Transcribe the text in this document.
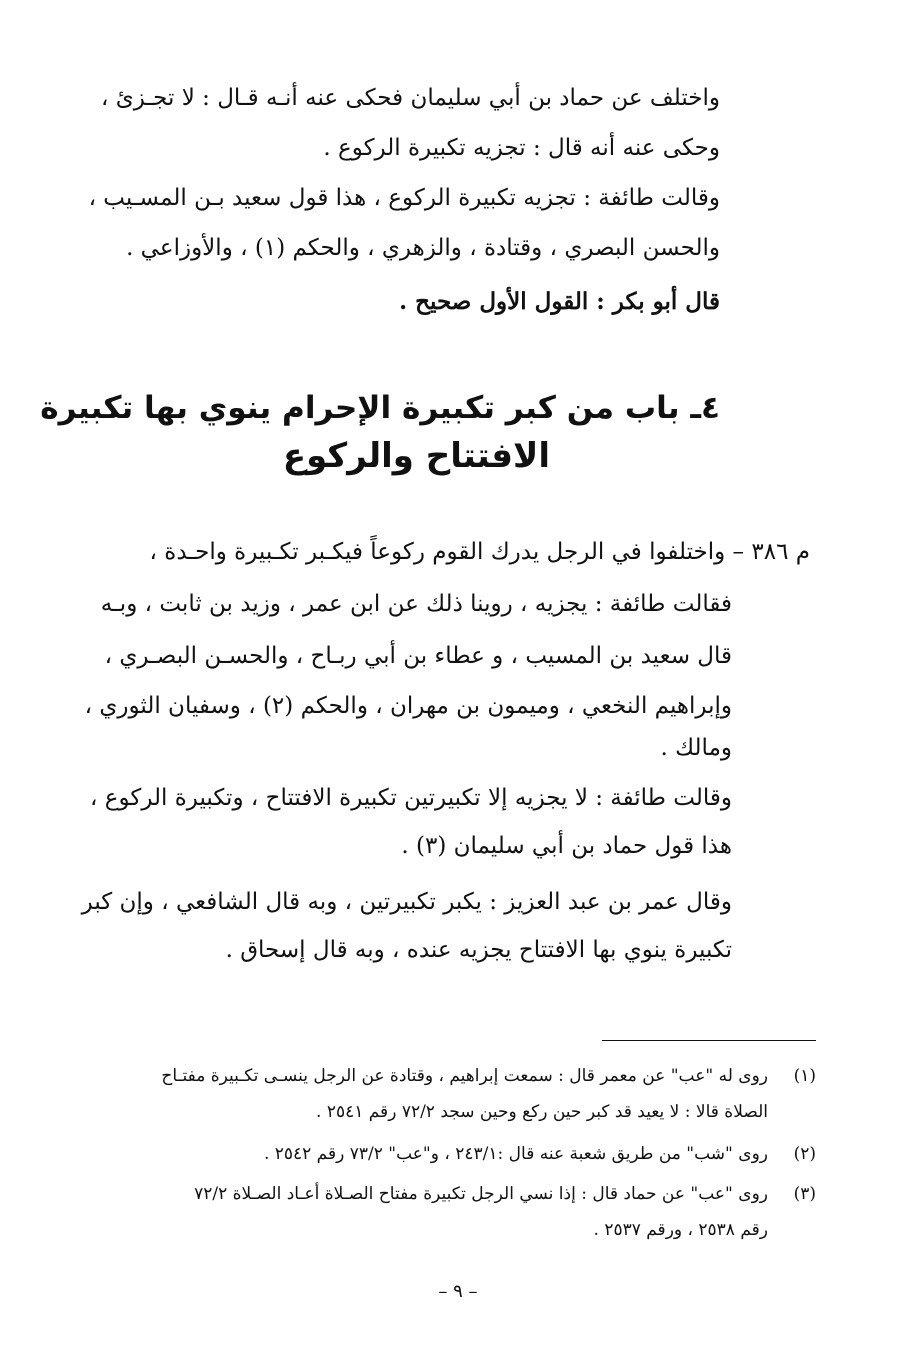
واختلف عن حماد بن أبي سليمان فحكى عنه أنـه قـال : لا تجـزئ ،
وحكى عنه أنه قال : تجزيه تكبيرة الركوع .
وقالت طائفة : تجزيه تكبيرة الركوع ، هذا قول سعيد بـن المسـيب ،
والحسن البصري ، وقتادة ، والزهري ، والحكم (١) ، والأوزاعي .
قال أبو بكر : القول الأول صحيح .
٤ـ باب من كبر تكبيرة الإحرام ينوي بها تكبيرة
الافتتاح والركوع
م ٣٨٦ – واختلفوا في الرجل يدرك القوم ركوعاً فيكـبر تكـبيرة واحـدة ،
فقالت طائفة : يجزيه ، روينا ذلك عن ابن عمر ، وزيد بن ثابت ، وبـه
قال سعيد بن المسيب ، و عطاء بن أبي ربـاح ، والحسـن البصـري ،
وإبراهيم النخعي ، وميمون بن مهران ، والحكم (٢) ، وسفيان الثوري ،
ومالك .
وقالت طائفة : لا يجزيه إلا تكبيرتين تكبيرة الافتتاح ، وتكبيرة الركوع ،
هذا قول حماد بن أبي سليمان (٣) .
وقال عمر بن عبد العزيز : يكبر تكبيرتين ، وبه قال الشافعي ، وإن كبر
تكبيرة ينوي بها الافتتاح يجزيه عنده ، وبه قال إسحاق .
(١)
روى له "عب" عن معمر قال : سمعت إبراهيم ، وقتادة عن الرجل ينسـى تكـبيرة مفتـاح
الصلاة قالا : لا يعيد قد كبر حين ركع وحين سجد ٧٢/٢ رقم ٢٥٤١ .
(٢)
روى "شب" من طريق شعبة عنه قال :٢٤٣/١ ، و"عب" ٧٣/٢ رقم ٢٥٤٢ .
(٣)
روى "عب" عن حماد قال : إذا نسي الرجل تكبيرة مفتاح الصـلاة أعـاد الصـلاة ٧٢/٢
رقم ٢٥٣٨ ، ورقم ٢٥٣٧ .
– ٩ –
